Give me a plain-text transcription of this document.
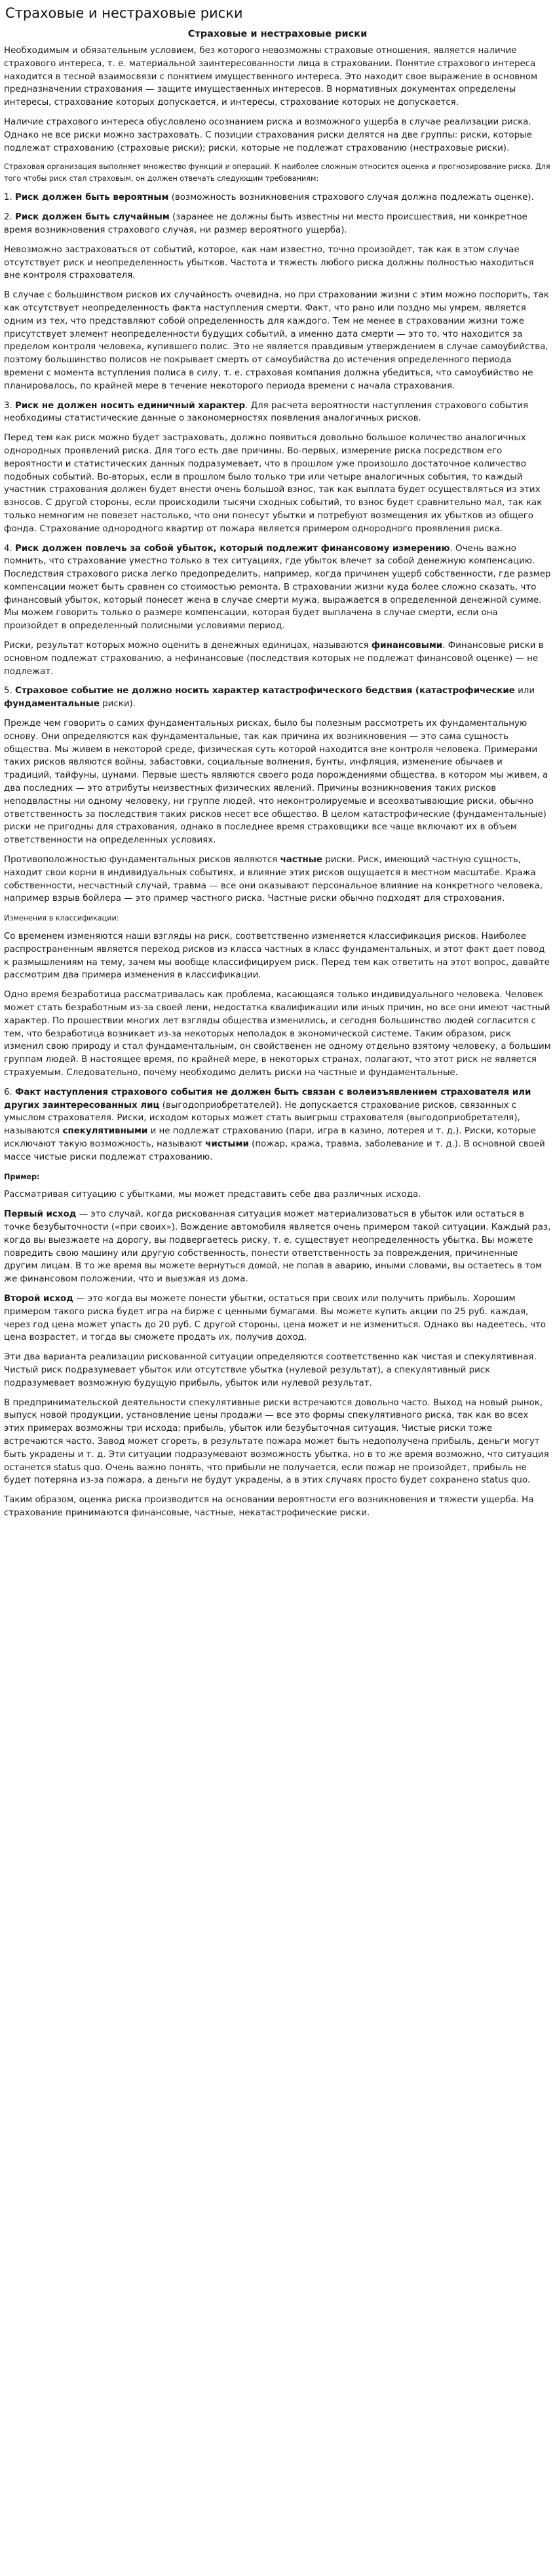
Страховые и нестраховые риски
Страховые и нестраховые риски

Необходимым и обязательным условием, без которого невозможны страховые отношения, является наличие страхового интереса, т. е. материальной заинтересованности лица в страховании. Понятие страхового интереса находится в тесной взаимосвязи с понятием имущественного интереса. Это находит свое выражение в основном предназначении страхования — защите имущественных интересов. В нормативных документах определены интересы, страхование которых допускается, и интересы, страхование которых не допускается.

Наличие страхового интереса обусловлено осознанием риска и возможного ущерба в случае реализации риска. Однако не все риски можно застраховать. С позиции страхования риски делятся на две группы: риски, которые подлежат страхованию (страховые риски); риски, которые не подлежат страхованию (нестраховые риски).

Страховая организация выполняет множество функций и операций. К наиболее сложным относится оценка и прогнозирование риска. Для того чтобы риск стал страховым, он должен отвечать следующим требованиям:

1. Риск должен быть вероятным (возможность возникновения страхового случая должна подлежать оценке).

2. Риск должен быть случайным (заранее не должны быть известны ни место происшествия, ни конкретное время возникновения страхового случая, ни размер вероятного ущерба).

Невозможно застраховаться от событий, которое, как нам известно, точно произойдет, так как в этом случае отсутствует риск и неопределенность убытков. Частота и тяжесть любого риска должны полностью находиться вне контроля страхователя.

В случае с большинством рисков их случайность очевидна, но при страховании жизни с этим можно поспорить, так как отсутствует неопределенность факта наступления смерти. Факт, что рано или поздно мы умрем, является одним из тех, что представляют собой определенность для каждого. Тем не менее в страховании жизни тоже присутствует элемент неопределенности будущих событий, а именно дата смерти — это то, что находится за пределом контроля человека, купившего полис. Это не является правдивым утверждением в случае самоубийства, поэтому большинство полисов не покрывает смерть от самоубийства до истечения определенного периода времени с момента вступления полиса в силу, т. е. страховая компания должна убедиться, что самоубийство не планировалось, по крайней мере в течение некоторого периода времени с начала страхования.

3. Риск не должен носить единичный характер. Для расчета вероятности наступления страхового события необходимы статистические данные о закономерностях появления аналогичных рисков.

Перед тем как риск можно будет застраховать, должно появиться довольно большое количество аналогичных однородных проявлений риска. Для того есть две причины. Во-первых, измерение риска посредством его вероятности и статистических данных подразумевает, что в прошлом уже произошло достаточное количество подобных событий. Во-вторых, если в прошлом было только три или четыре аналогичных события, то каждый участник страхования должен будет внести очень большой взнос, так как выплата будет осуществляться из этих взносов. С другой стороны, если происходили тысячи сходных событий, то взнос будет сравнительно мал, так как только немногим не повезет настолько, что они понесут убытки и потребуют возмещения их убытков из общего фонда. Страхование однородного квартир от пожара является примером однородного проявления риска.

4. Риск должен повлечь за собой убыток, который подлежит финансовому измерению. Очень важно помнить, что страхование уместно только в тех ситуациях, где убыток влечет за собой денежную компенсацию. Последствия страхового риска легко предопределить, например, когда причинен ущерб собственности, где размер компенсации может быть сравнен со стоимостью ремонта. В страховании жизни куда более сложно сказать, что финансовый убыток, который понесет жена в случае смерти мужа, выражается в определенной денежной сумме. Мы можем говорить только о размере компенсации, которая будет выплачена в случае смерти, если она произойдет в определенный полисными условиями период.

Риски, результат которых можно оценить в денежных единицах, называются финансовыми. Финансовые риски в основном подлежат страхованию, а нефинансовые (последствия которых не подлежат финансовой оценке) — не подлежат.

5. Страховое событие не должно носить характер катастрофического бедствия (катастрофические или фундаментальные риски).

Прежде чем говорить о самих фундаментальных рисках, было бы полезным рассмотреть их фундаментальную основу. Они определяются как фундаментальные, так как причина их возникновения — это сама сущность общества. Мы живем в некоторой среде, физическая суть которой находится вне контроля человека. Примерами таких рисков являются войны, забастовки, социальные волнения, бунты, инфляция, изменение обычаев и традиций, тайфуны, цунами. Первые шесть являются своего рода порождениями общества, в котором мы живем, а два последних — это атрибуты неизвестных физических явлений. Причины возникновения таких рисков неподвластны ни одному человеку, ни группе людей, что неконтролируемые и всеохватывающие риски, обычно ответственность за последствия таких рисков несет все общество. В целом катастрофические (фундаментальные) риски не пригодны для страхования, однако в последнее время страховщики все чаще включают их в объем ответственности на определенных условиях.

Противоположностью фундаментальных рисков являются частные риски. Риск, имеющий частную сущность, находит свои корни в индивидуальных событиях, и влияние этих рисков ощущается в местном масштабе. Кража собственности, несчастный случай, травма — все они оказывают персональное влияние на конкретного человека, например взрыв бойлера — это пример частного риска. Частные риски обычно подходят для страхования.

Изменения в классификации:

Со временем изменяются наши взгляды на риск, соответственно изменяется классификация рисков. Наиболее распространенным является переход рисков из класса частных в класс фундаментальных, и этот факт дает повод к размышлениям на тему, зачем мы вообще классифицируем риск. Перед тем как ответить на этот вопрос, давайте рассмотрим два примера изменения в классификации.

Одно время безработица рассматривалась как проблема, касающаяся только индивидуального человека. Человек может стать безработным из-за своей лени, недостатка квалификации или иных причин, но все они имеют частный характер. По прошествии многих лет взгляды общества изменились, и сегодня большинство людей согласится с тем, что безработица возникает из-за некоторых неполадок в экономической системе. Таким образом, риск изменил свою природу и стал фундаментальным, он свойственен не одному отдельно взятому человеку, а большим группам людей. В настоящее время, по крайней мере, в некоторых странах, полагают, что этот риск не является страхуемым. Следовательно, почему необходимо делить риски на частные и фундаментальные.

6. Факт наступления страхового события не должен быть связан с волеизъявлением страхователя или других заинтересованных лиц (выгодоприобретателей). Не допускается страхование рисков, связанных с умыслом страхователя. Риски, исходом которых может стать выигрыш страхователя (выгодоприобретателя), называются спекулятивными и не подлежат страхованию (пари, игра в казино, лотерея и т. д.). Риски, которые исключают такую возможность, называют чистыми (пожар, кража, травма, заболевание и т. д.). В основной своей массе чистые риски подлежат страхованию.

Пример:

Рассматривая ситуацию с убытками, мы может представить себе два различных исхода.

Первый исход — это случай, когда рискованная ситуация может материализоваться в убыток или остаться в точке безубыточности («при своих»). Вождение автомобиля является очень примером такой ситуации. Каждый раз, когда вы выезжаете на дорогу, вы подвергаетесь риску, т. е. существует неопределенность убытка. Вы можете повредить свою машину или другую собственность, понести ответственность за повреждения, причиненные другим лицам. В то же время вы можете вернуться домой, не попав в аварию, иными словами, вы остаетесь в том же финансовом положении, что и выезжая из дома.

Второй исход — это когда вы можете понести убытки, остаться при своих или получить прибыль. Хорошим примером такого риска будет игра на бирже с ценными бумагами. Вы можете купить акции по 25 руб. каждая, через год цена может упасть до 20 руб. С другой стороны, цена может и не измениться. Однако вы надеетесь, что цена возрастет, и тогда вы сможете продать их, получив доход.

Эти два варианта реализации рискованной ситуации определяются соответственно как чистая и спекулятивная. Чистый риск подразумевает убыток или отсутствие убытка (нулевой результат), а спекулятивный риск подразумевает возможную будущую прибыль, убыток или нулевой результат.

В предпринимательской деятельности спекулятивные риски встречаются довольно часто. Выход на новый рынок, выпуск новой продукции, установление цены продажи — все это формы спекулятивного риска, так как во всех этих примерах возможны три исхода: прибыль, убыток или безубыточная ситуация. Чистые риски тоже встречаются часто. Завод может сгореть, в результате пожара может быть недополучена прибыль, деньги могут быть украдены и т. д. Эти ситуации подразумевают возможность убытка, но в то же время возможно, что ситуация останется status quo. Очень важно понять, что прибыли не получается, если пожар не произойдет, прибыль не будет потеряна из-за пожара, а деньги не будут украдены, а в этих случаях просто будет сохранено status quo.

Таким образом, оценка риска производится на основании вероятности его возникновения и тяжести ущерба. На страхование принимаются финансовые, частные, некатастрофические риски.
